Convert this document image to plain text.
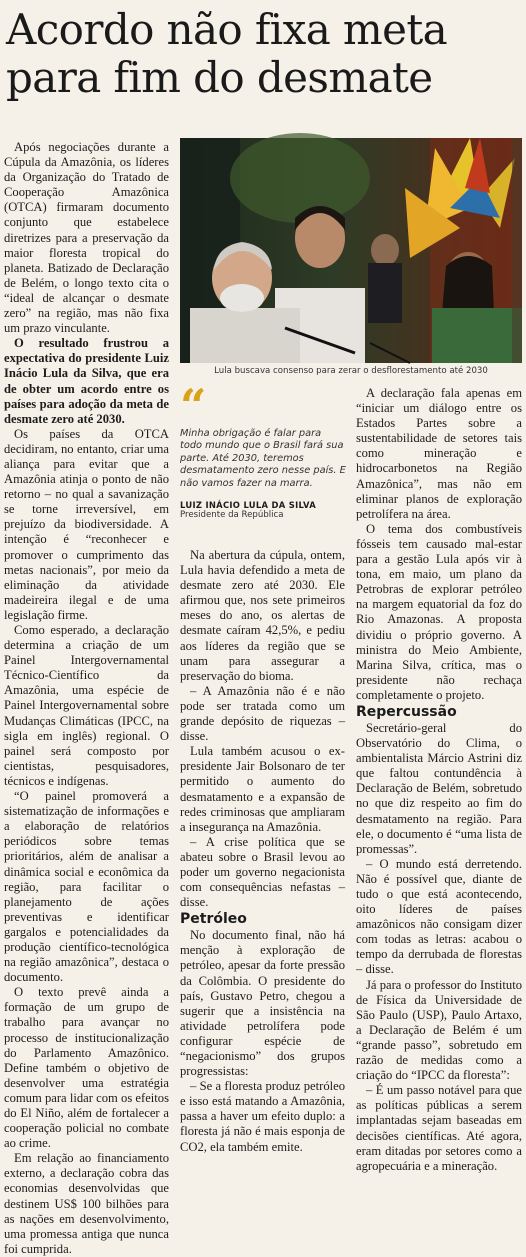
Acordo não fixa meta para fim do desmate

Após negociações durante a Cúpula da Amazônia, os líderes da Organização do Tratado de Cooperação Amazônica (OTCA) firmaram documento conjunto que estabelece diretrizes para a preservação da maior floresta tropical do planeta. Batizado de Declaração de Belém, o longo texto cita o “ideal de alcançar o desmate zero” na região, mas não fixa um prazo vinculante.

O resultado frustrou a expectativa do presidente Luiz Inácio Lula da Silva, que era de obter um acordo entre os países para adoção da meta de desmate zero até 2030.

Os países da OTCA decidiram, no entanto, criar uma aliança para evitar que a Amazônia atinja o ponto de não retorno – no qual a savanização se torne irreversível, em prejuízo da biodiversidade. A intenção é “reconhecer e promover o cumprimento das metas nacionais”, por meio da eliminação da atividade madeireira ilegal e de uma legislação firme.

Como esperado, a declaração determina a criação de um Painel Intergovernamental Técnico-Científico da Amazônia, uma espécie de Painel Intergovernamental sobre Mudanças Climáticas (IPCC, na sigla em inglês) regional. O painel será composto por cientistas, pesquisadores, técnicos e indígenas.

“O painel promoverá a sistematização de informações e a elaboração de relatórios periódicos sobre temas prioritários, além de analisar a dinâmica social e econômica da região, para facilitar o planejamento de ações preventivas e identificar gargalos e potencialidades da produção científico-tecnológica na região amazônica”, destaca o documento.

O texto prevê ainda a formação de um grupo de trabalho para avançar no processo de institucionalização do Parlamento Amazônico. Define também o objetivo de desenvolver uma estratégia comum para lidar com os efeitos do El Niño, além de fortalecer a cooperação policial no combate ao crime.

Em relação ao financiamento externo, a declaração cobra das economias desenvolvidas que destinem US$ 100 bilhões para as nações em desenvolvimento, uma promessa antiga que nunca foi cumprida.

Lula buscava consenso para zerar o desflorestamento até 2030
“
Minha obrigação é falar para todo mundo que o Brasil fará sua parte. Até 2030, teremos desmatamento zero nesse país. E não vamos fazer na marra.
LUIZ INÁCIO LULA DA SILVA
Presidente da República

Na abertura da cúpula, ontem, Lula havia defendido a meta de desmate zero até 2030. Ele afirmou que, nos sete primeiros meses do ano, os alertas de desmate caíram 42,5%, e pediu aos líderes da região que se unam para assegurar a preservação do bioma.

– A Amazônia não é e não pode ser tratada como um grande depósito de riquezas – disse.

Lula também acusou o ex-presidente Jair Bolsonaro de ter permitido o aumento do desmatamento e a expansão de redes criminosas que ampliaram a insegurança na Amazônia.

– A crise política que se abateu sobre o Brasil levou ao poder um governo negacionista com consequências nefastas – disse.

Petróleo

No documento final, não há menção à exploração de petróleo, apesar da forte pressão da Colômbia. O presidente do país, Gustavo Petro, chegou a sugerir que a insistência na atividade petrolífera pode configurar espécie de “negacionismo” dos grupos progressistas:

– Se a floresta produz petróleo e isso está matando a Amazônia, passa a haver um efeito duplo: a floresta já não é mais esponja de CO2, ela também emite.

A declaração fala apenas em “iniciar um diálogo entre os Estados Partes sobre a sustentabilidade de setores tais como mineração e hidrocarbonetos na Região Amazônica”, mas não em eliminar planos de exploração petrolífera na área.

O tema dos combustíveis fósseis tem causado mal-estar para a gestão Lula após vir à tona, em maio, um plano da Petrobras de explorar petróleo na margem equatorial da foz do Rio Amazonas. A proposta dividiu o próprio governo. A ministra do Meio Ambiente, Marina Silva, crítica, mas o presidente não rechaça completamente o projeto.

Repercussão

Secretário-geral do Observatório do Clima, o ambientalista Márcio Astrini diz que faltou contundência à Declaração de Belém, sobretudo no que diz respeito ao fim do desmatamento na região. Para ele, o documento é “uma lista de promessas”.

– O mundo está derretendo. Não é possível que, diante de tudo o que está acontecendo, oito líderes de países amazônicos não consigam dizer com todas as letras: acabou o tempo da derrubada de florestas – disse.

Já para o professor do Instituto de Física da Universidade de São Paulo (USP), Paulo Artaxo, a Declaração de Belém é um “grande passo”, sobretudo em razão de medidas como a criação do “IPCC da floresta”:

– É um passo notável para que as políticas públicas a serem implantadas sejam baseadas em decisões científicas. Até agora, eram ditadas por setores como a agropecuária e a mineração.
